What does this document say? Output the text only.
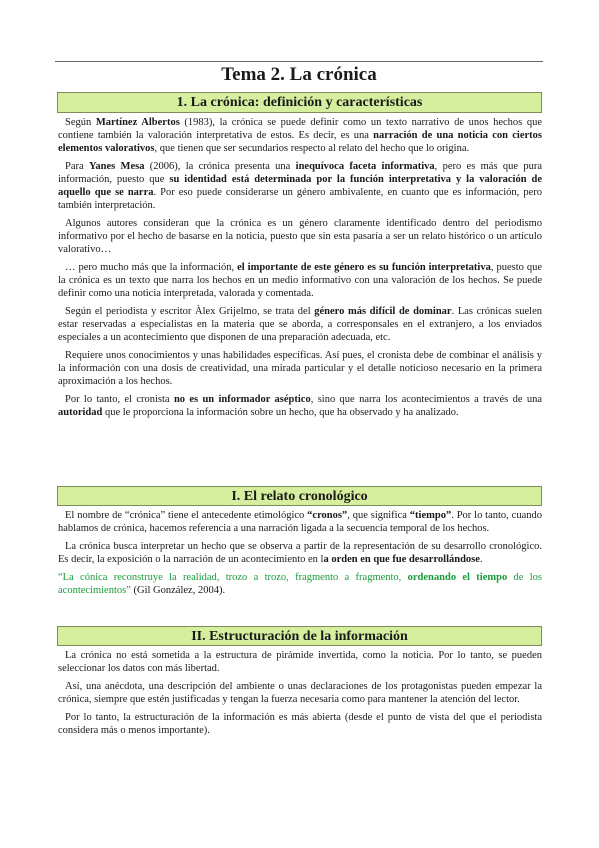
Tema 2. La crónica
1. La crónica: definición y características

Según Martínez Albertos (1983), la crónica se puede definir como un texto narrativo de unos hechos que contiene también la valoración interpretativa de estos. Es decir, es una narración de una noticia con ciertos elementos valorativos, que tienen que ser secundarios respecto al relato del hecho que lo origina.

Para Yanes Mesa (2006), la crónica presenta una inequívoca faceta informativa, pero es más que pura información, puesto que su identidad está determinada por la función interpretativa y la valoración de aquello que se narra. Por eso puede considerarse un género ambivalente, en cuanto que es información, pero también interpretación.

Algunos autores consideran que la crónica es un género claramente identificado dentro del periodismo informativo por el hecho de basarse en la noticia, puesto que sin esta pasaría a ser un relato histórico o un artículo valorativo…

… pero mucho más que la información, el importante de este género es su función interpretativa, puesto que la crónica es un texto que narra los hechos en un medio informativo con una valoración de los hechos. Se puede definir como una noticia interpretada, valorada y comentada.

Según el periodista y escritor Àlex Grijelmo, se trata del género más difícil de dominar. Las crónicas suelen estar reservadas a especialistas en la materia que se aborda, a corresponsales en el extranjero, a los enviados especiales a un acontecimiento que disponen de una preparación adecuada, etc.

Requiere unos conocimientos y unas habilidades específicas. Así pues, el cronista debe de combinar el análisis y la información con una dosis de creatividad, una mirada particular y el detalle noticioso necesario en la primera aproximación a los hechos.

Por lo tanto, el cronista no es un informador aséptico, sino que narra los acontecimientos a través de una autoridad que le proporciona la información sobre un hecho, que ha observado y ha analizado.

I. El relato cronológico

El nombre de “crónica” tiene el antecedente etimológico “cronos”, que significa “tiempo”. Por lo tanto, cuando hablamos de crónica, hacemos referencia a una narración ligada a la secuencia temporal de los hechos.

La crónica busca interpretar un hecho que se observa a partir de la representación de su desarrollo cronológico. Es decir, la exposición o la narración de un acontecimiento en la orden en que fue desarrollándose.

“La cónica reconstruye la realidad, trozo a trozo, fragmento a fragmento, ordenando el tiempo de los acontecimientos” (Gil González, 2004).

II. Estructuración de la información

La crónica no está sometida a la estructura de pirámide invertida, como la noticia. Por lo tanto, se pueden seleccionar los datos con más libertad.

Así, una anécdota, una descripción del ambiente o unas declaraciones de los protagonistas pueden empezar la crónica, siempre que estén justificadas y tengan la fuerza necesaria como para mantener la atención del lector.

Por lo tanto, la estructuración de la información es más abierta (desde el punto de vista del que el periodista considera más o menos importante).
